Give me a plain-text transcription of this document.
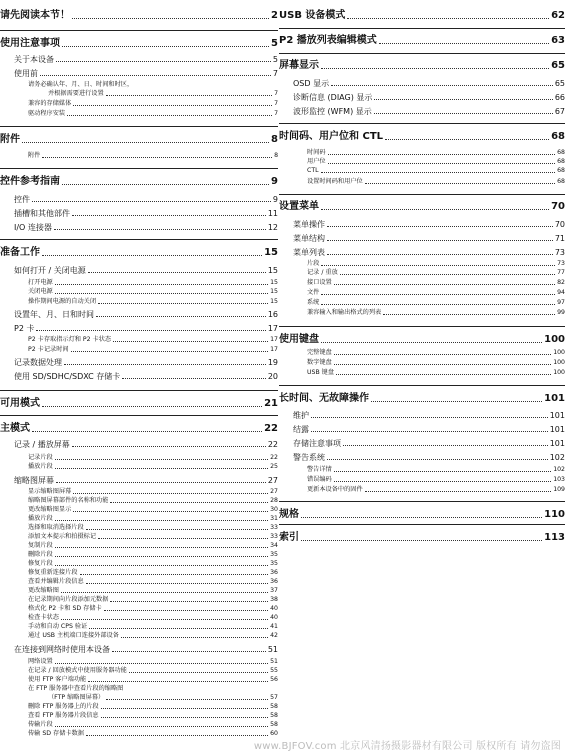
请先阅读本节！	2
使用注意事项	5
关于本设备	5
使用前	7
请务必确认年、月、日、时间和时区，
并根据需要进行设置	7
兼容的存储媒体	7
驱动程序安装	7
附件	8
附件	8
控件参考指南	9
控件	9
插槽和其他部件	11
I/O 连接器	12
准备工作	15
如何打开 / 关闭电源	15
打开电源	15
关闭电源	15
操作期间电源的自动关闭	15
设置年、月、日和时间	16
P2 卡	17
P2 卡存取指示灯和 P2 卡状态	17
P2 卡记录时间	17
记录数据处理	19
使用 SD/SDHC/SDXC 存储卡	20
可用模式	21
主模式	22
记录 / 播放屏幕	22
记录片段	22
播放片段	25
缩略图屏幕	27
显示缩略图屏幕	27
缩略图屏幕部件的名称和功能	28
更改缩略图显示	30
播放片段	31
选择和取消选择片段	33
添加文本提示和拍摄标记	33
复制片段	34
删除片段	35
修复片段	35
修复重新连接片段	36
查看并编辑片段信息	36
更改缩略图	37
在记录期间向片段添加元数据	38
格式化 P2 卡和 SD 存储卡	40
检查卡状态	40
手动和自动 CPS 验证	41
通过 USB 主机端口连接外部设备	42
在连接到网络时使用本设备	51
网络设置	51
在记录 / 回放模式中使用服务器功能	55
使用 FTP 客户端功能	56
在 FTP 服务器中查看片段的缩略图
（FTP 缩略图屏幕）	57
删除 FTP 服务器上的片段	58
查看 FTP 服务器片段信息	58
传输片段	58
传输 SD 存储卡数据	60
USB 设备模式	62
P2 播放列表编辑模式	63
屏幕显示	65
OSD 显示	65
诊断信息 (DIAG) 显示	66
波形监控 (WFM) 显示	67
时间码、用户位和 CTL	68
时间码	68
用户位	68
CTL	68
设置时间码和用户位	68
设置菜单	70
菜单操作	70
菜单结构	71
菜单列表	73
片段	73
记录 / 重放	77
接口设置	82
文件	94
系统	97
兼容输入和输出格式的列表	99
使用键盘	100
完整键盘	100
数字键盘	100
USB 键盘	100
长时间、无故障操作	101
维护	101
结露	101
存储注意事项	101
警告系统	102
警告详情	102
错误编码	103
更新本设备中的固件	109
规格	110
索引	113
www.BJFOV.com 北京风清扬摄影器材有限公司 版权所有 请勿盗图
